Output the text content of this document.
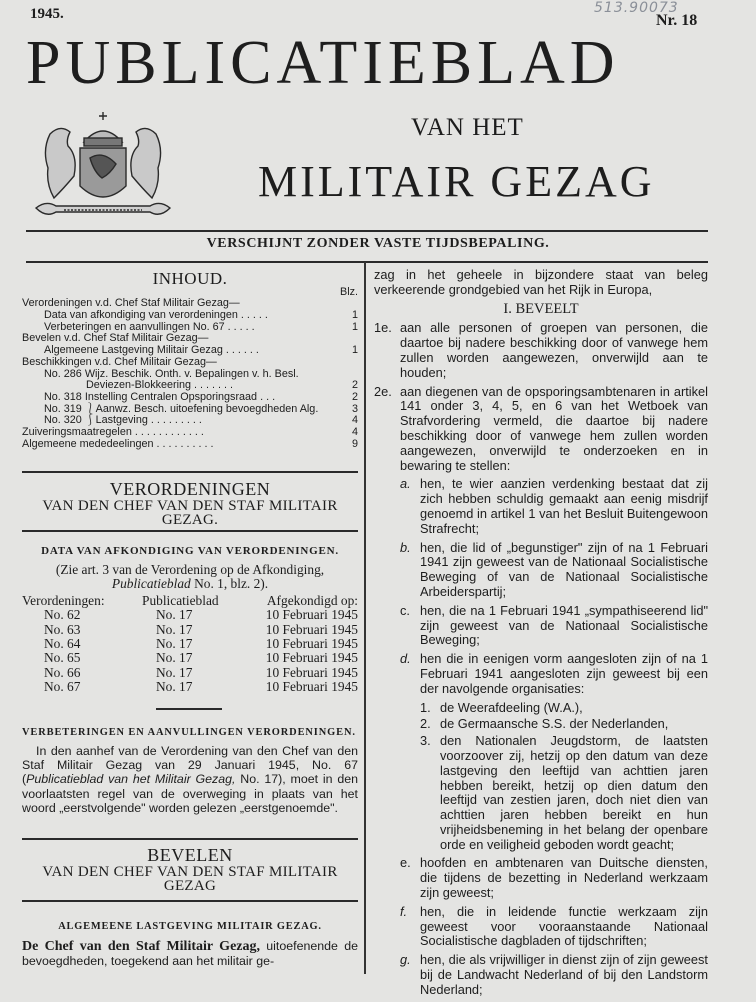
1945.	513.90073
Nr. 18
PUBLICATIEBLAD
VAN HET
MILITAIR GEZAG
VERSCHIJNT ZONDER VASTE TIJDSBEPALING.
INHOUD.
Blz.
Verordeningen v.d. Chef Staf Militair Gezag—
Data van afkondiging van verordeningen . . . . .	1
Verbeteringen en aanvullingen No. 67 . . . . .	1
Bevelen v.d. Chef Staf Militair Gezag—
Algemeene Lastgeving Militair Gezag . . . . . .	1
Beschikkingen v.d. Chef Militair Gezag—
No. 286 Wijz. Beschik. Onth. v. Bepalingen v. h. Besl.
Deviezen-Blokkeering . . . . . . .	2
No. 318 Instelling Centralen Opsporingsraad . . .	2
No. 319 ⎱Aanwz. Besch. uitoefening bevoegdheden Alg.	3
No. 320 ⎰Lastgeving . . . . . . . . .	4
Zuiveringsmaatregelen . . . . . . . . . . . .	4
Algemeene mededeelingen . . . . . . . . . .	9
VERORDENINGEN
VAN DEN CHEF VAN DEN STAF MILITAIR GEZAG.
DATA VAN AFKONDIGING VAN VERORDENINGEN.
(Zie art. 3 van de Verordening op de Afkondiging,
Publicatieblad No. 1, blz. 2).
Verordeningen:	Publicatieblad	Afgekondigd op:
No. 62	No. 17	10 Februari 1945
No. 63	No. 17	10 Februari 1945
No. 64	No. 17	10 Februari 1945
No. 65	No. 17	10 Februari 1945
No. 66	No. 17	10 Februari 1945
No. 67	No. 17	10 Februari 1945
VERBETERINGEN EN AANVULLINGEN VERORDENINGEN.
In den aanhef van de Verordening van den Chef van den Staf Militair Gezag van 29 Januari 1945, No. 67 (Publicatieblad van het Militair Gezag, No. 17), moet in den voorlaatsten regel van de overweging in plaats van het woord „eerstvolgende" worden gelezen „eerstgenoemde".
BEVELEN
VAN DEN CHEF VAN DEN STAF MILITAIR GEZAG
ALGEMEENE LASTGEVING MILITAIR GEZAG.
De Chef van den Staf Militair Gezag, uitoefenende de bevoegdheden, toegekend aan het militair ge-
zag in het geheele in bijzondere staat van beleg verkeerende grondgebied van het Rijk in Europa,
I. BEVEELT
1e. aan alle personen of groepen van personen, die daartoe bij nadere beschikking door of vanwege hem zullen worden aangewezen, onverwijld aan te houden;
2e. aan diegenen van de opsporingsambtenaren in artikel 141 onder 3, 4, 5, en 6 van het Wetboek van Strafvordering vermeld, die daartoe bij nadere beschikking door of vanwege hem zullen worden aangewezen, onverwijld te onderzoeken en in bewaring te stellen:
a. hen, te wier aanzien verdenking bestaat dat zij zich hebben schuldig gemaakt aan eenig misdrijf genoemd in artikel 1 van het Besluit Buitengewoon Strafrecht;
b. hen, die lid of „begunstiger" zijn of na 1 Februari 1941 zijn geweest van de Nationaal Socialistische Beweging of van de Nationaal Socialistische Arbeiderspartij;
c. hen, die na 1 Februari 1941 „sympathiseerend lid" zijn geweest van de Nationaal Socialistische Beweging;
d. hen die in eenigen vorm aangesloten zijn of na 1 Februari 1941 aangesloten zijn geweest bij een der navolgende organisaties:
1. de Weerafdeeling (W.A.),
2. de Germaansche S.S. der Nederlanden,
3. den Nationalen Jeugdstorm, de laatsten voorzoover zij, hetzij op den datum van deze lastgeving den leeftijd van achttien jaren hebben bereikt, hetzij op dien datum den leeftijd van zestien jaren, doch niet dien van achttien jaren hebben bereikt en hun vrijheidsbeneming in het belang der openbare orde en veiligheid geboden wordt geacht;
e. hoofden en ambtenaren van Duitsche diensten, die tijdens de bezetting in Nederland werkzaam zijn geweest;
f.	hen, die in leidende functie werkzaam zijn geweest voor vooraanstaande Nationaal Socialistische dagbladen of tijdschriften;
g. hen, die als vrijwilliger in dienst zijn of zijn geweest bij de Landwacht Nederland of bij den Landstorm Nederland;
